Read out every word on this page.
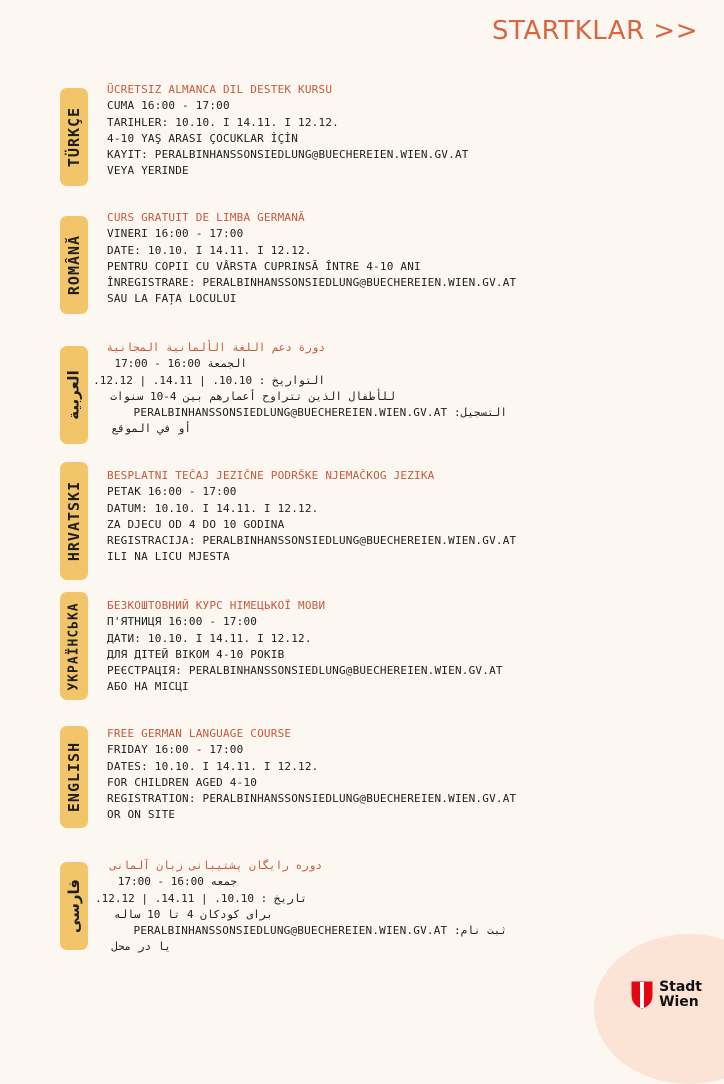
STARTKLAR >>
TÜRKÇE
ÜCRETSIZ ALMANCA DIL DESTEK KURSU
CUMA 16:00 - 17:00
TARIHLER: 10.10. I 14.11. I 12.12.
4-10 YAŞ ARASI ÇOCUKLAR İÇİN
KAYIT: PERALBINHANSSONSIEDLUNG@BUECHEREIEN.WIEN.GV.AT
VEYA YERINDE
ROMÂNĂ
CURS GRATUIT DE LIMBA GERMANĂ
VINERI 16:00 - 17:00
DATE: 10.10. I 14.11. I 12.12.
PENTRU COPII CU VÂRSTA CUPRINSĂ ÎNTRE 4-10 ANI
ÎNREGISTRARE: PERALBINHANSSONSIEDLUNG@BUECHEREIEN.WIEN.GV.AT
SAU LA FAȚA LOCULUI
العربية
دورة دعم اللغة الألمانية المجانية
الجمعة 16:00 - 17:00
التواريخ : 10.10. | 14.11. | 12.12.
للأطفال الذين تتراوح أعمارهم بين 4-10 سنوات
التسجيل: PERALBINHANSSONSIEDLUNG@BUECHEREIEN.WIEN.GV.AT
أو في الموقع
HRVATSKI
BESPLATNI TEČAJ JEZIČNE PODRŠKE NJEMAČKOG JEZIKA
PETAK 16:00 - 17:00
DATUM: 10.10. I 14.11. I 12.12.
ZA DJECU OD 4 DO 10 GODINA
REGISTRACIJA: PERALBINHANSSONSIEDLUNG@BUECHEREIEN.WIEN.GV.AT
ILI NA LICU MJESTA
УКРАЇНСЬКА БЕЗКОШТОВНИЙ КУРС НІМЕЦЬКОЇ МОВИ
П'ЯТНИЦЯ 16:00 - 17:00
ДАТИ: 10.10. I 14.11. I 12.12.
ДЛЯ ДІТЕЙ ВІКОМ 4-10 РОКІВ
РЕЄСТРАЦІЯ: PERALBINHANSSONSIEDLUNG@BUECHEREIEN.WIEN.GV.AT
АБО НА МІСЦІ
ENGLISH
FREE GERMAN LANGUAGE COURSE
FRIDAY 16:00 - 17:00
DATES: 10.10. I 14.11. I 12.12.
FOR CHILDREN AGED 4-10
REGISTRATION: PERALBINHANSSONSIEDLUNG@BUECHEREIEN.WIEN.GV.AT
OR ON SITE
فارسی
دوره رایگان پشتیبانی زبان آلمانی
جمعه 16:00 - 17:00
تاریخ : 10.10. | 14.11. | 12.12.
برای کودکان 4 تا 10 ساله
ثبت نام: PERALBINHANSSONSIEDLUNG@BUECHEREIEN.WIEN.GV.AT
یا در محل
Stadt
Wien
